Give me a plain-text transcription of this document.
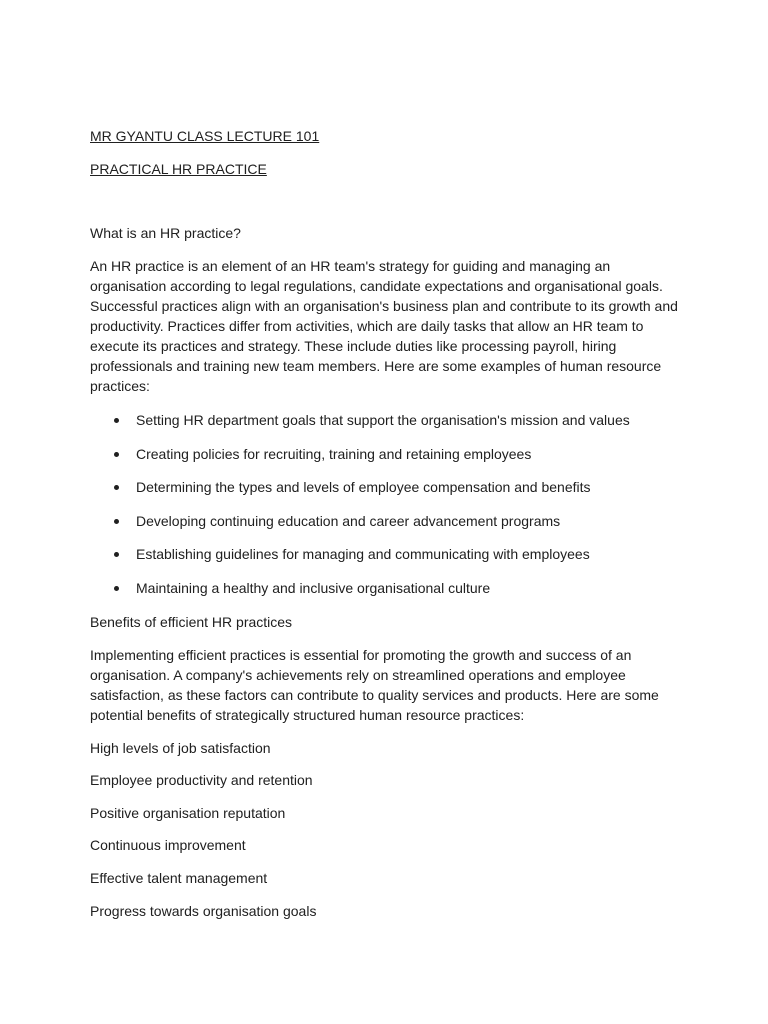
MR GYANTU CLASS LECTURE 101
PRACTICAL HR PRACTICE

What is an HR practice?

An HR practice is an element of an HR team's strategy for guiding and managing an organisation according to legal regulations, candidate expectations and organisational goals. Successful practices align with an organisation's business plan and contribute to its growth and productivity. Practices differ from activities, which are daily tasks that allow an HR team to execute its practices and strategy. These include duties like processing payroll, hiring professionals and training new team members. Here are some examples of human resource practices:

Setting HR department goals that support the organisation's mission and values
Creating policies for recruiting, training and retaining employees
Determining the types and levels of employee compensation and benefits
Developing continuing education and career advancement programs
Establishing guidelines for managing and communicating with employees
Maintaining a healthy and inclusive organisational culture

Benefits of efficient HR practices

Implementing efficient practices is essential for promoting the growth and success of an organisation. A company's achievements rely on streamlined operations and employee satisfaction, as these factors can contribute to quality services and products. Here are some potential benefits of strategically structured human resource practices:

High levels of job satisfaction

Employee productivity and retention

Positive organisation reputation

Continuous improvement

Effective talent management

Progress towards organisation goals
